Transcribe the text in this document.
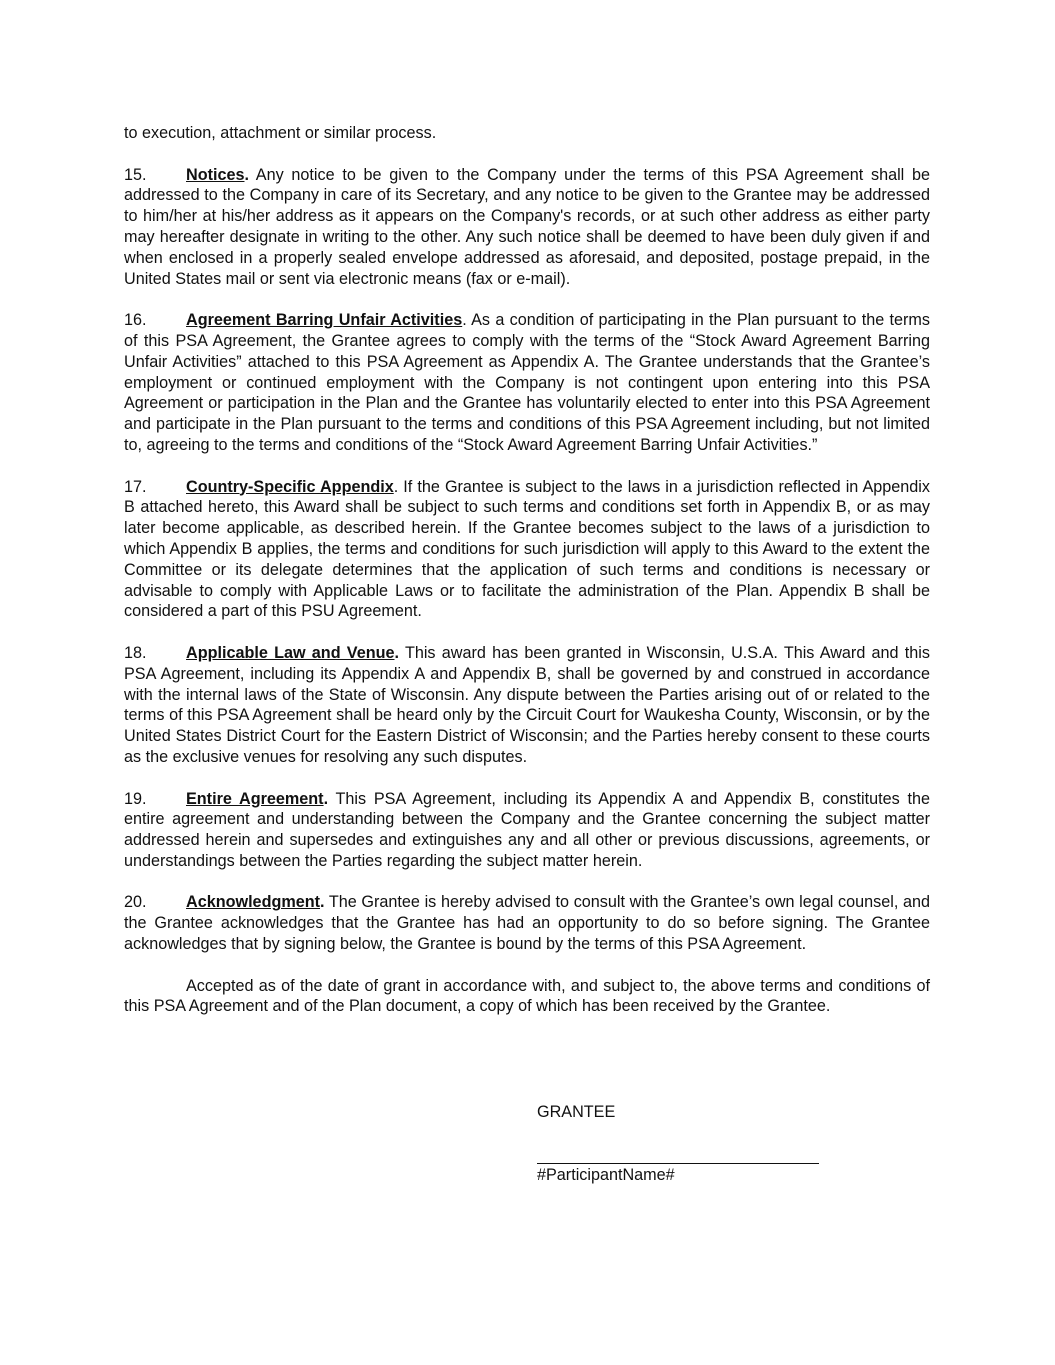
to execution, attachment or similar process.

15. Notices. Any notice to be given to the Company under the terms of this PSA Agreement shall be addressed to the Company in care of its Secretary, and any notice to be given to the Grantee may be addressed to him/her at his/her address as it appears on the Company's records, or at such other address as either party may hereafter designate in writing to the other. Any such notice shall be deemed to have been duly given if and when enclosed in a properly sealed envelope addressed as aforesaid, and deposited, postage prepaid, in the United States mail or sent via electronic means (fax or e-mail).

16. Agreement Barring Unfair Activities. As a condition of participating in the Plan pursuant to the terms of this PSA Agreement, the Grantee agrees to comply with the terms of the “Stock Award Agreement Barring Unfair Activities” attached to this PSA Agreement as Appendix A. The Grantee understands that the Grantee’s employment or continued employment with the Company is not contingent upon entering into this PSA Agreement or participation in the Plan and the Grantee has voluntarily elected to enter into this PSA Agreement and participate in the Plan pursuant to the terms and conditions of this PSA Agreement including, but not limited to, agreeing to the terms and conditions of the “Stock Award Agreement Barring Unfair Activities.”

17. Country-Specific Appendix. If the Grantee is subject to the laws in a jurisdiction reflected in Appendix B attached hereto, this Award shall be subject to such terms and conditions set forth in Appendix B, or as may later become applicable, as described herein. If the Grantee becomes subject to the laws of a jurisdiction to which Appendix B applies, the terms and conditions for such jurisdiction will apply to this Award to the extent the Committee or its delegate determines that the application of such terms and conditions is necessary or advisable to comply with Applicable Laws or to facilitate the administration of the Plan. Appendix B shall be considered a part of this PSU Agreement.

18. Applicable Law and Venue. This award has been granted in Wisconsin, U.S.A. This Award and this PSA Agreement, including its Appendix A and Appendix B, shall be governed by and construed in accordance with the internal laws of the State of Wisconsin. Any dispute between the Parties arising out of or related to the terms of this PSA Agreement shall be heard only by the Circuit Court for Waukesha County, Wisconsin, or by the United States District Court for the Eastern District of Wisconsin; and the Parties hereby consent to these courts as the exclusive venues for resolving any such disputes.

19. Entire Agreement. This PSA Agreement, including its Appendix A and Appendix B, constitutes the entire agreement and understanding between the Company and the Grantee concerning the subject matter addressed herein and supersedes and extinguishes any and all other or previous discussions, agreements, or understandings between the Parties regarding the subject matter herein.

20. Acknowledgment. The Grantee is hereby advised to consult with the Grantee’s own legal counsel, and the Grantee acknowledges that the Grantee has had an opportunity to do so before signing. The Grantee acknowledges that by signing below, the Grantee is bound by the terms of this PSA Agreement.

Accepted as of the date of grant in accordance with, and subject to, the above terms and conditions of this PSA Agreement and of the Plan document, a copy of which has been received by the Grantee.

GRANTEE
#ParticipantName#
